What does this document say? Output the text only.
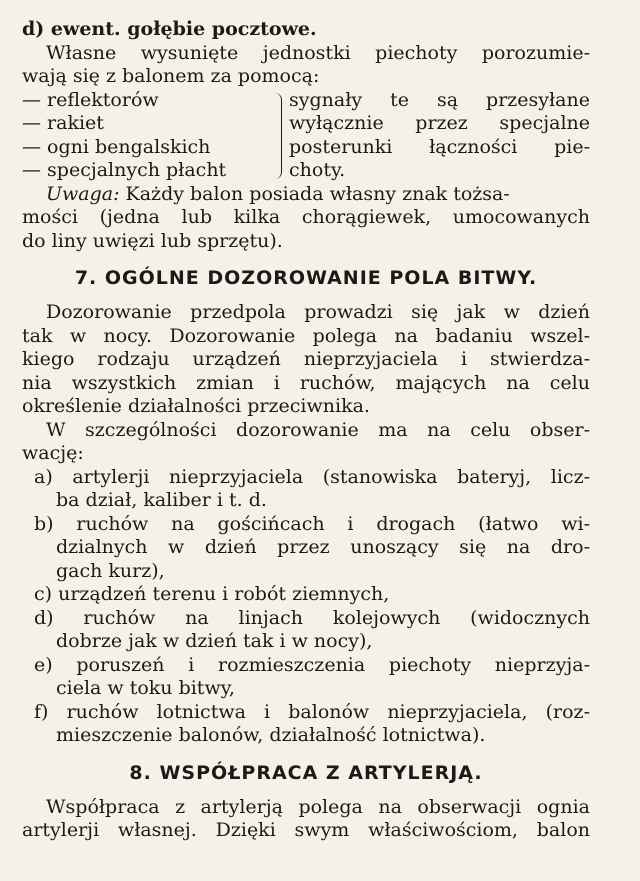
d) ewent. gołębie pocztowe.
Własne wysunięte jednostki piechoty porozumie-
wają się z balonem za pomocą:
— reflektorów
— rakiet
— ogni bengalskich
— specjalnych płacht
sygnały te są przesyłane
wyłącznie przez specjalne
posterunki łączności pie-
choty.
Uwaga: Każdy balon posiada własny znak tożsa-
mości (jedna lub kilka chorągiewek, umocowanych
do liny uwięzi lub sprzętu).
7. OGÓLNE DOZOROWANIE POLA BITWY.
Dozorowanie przedpola prowadzi się jak w dzień
tak w nocy. Dozorowanie polega na badaniu wszel-
kiego rodzaju urządzeń nieprzyjaciela i stwierdza-
nia wszystkich zmian i ruchów, mających na celu
określenie działalności przeciwnika.
W szczególności dozorowanie ma na celu obser-
wację:
a) artylerji nieprzyjaciela (stanowiska bateryj, licz-
ba dział, kaliber i t. d.
b) ruchów na gościńcach i drogach (łatwo wi-
dzialnych w dzień przez unoszący się na dro-
gach kurz),
c) urządzeń terenu i robót ziemnych,
d) ruchów na linjach kolejowych (widocznych
dobrze jak w dzień tak i w nocy),
e) poruszeń i rozmieszczenia piechoty nieprzyja-
ciela w toku bitwy,
f) ruchów lotnictwa i balonów nieprzyjaciela, (roz-
mieszczenie balonów, działalność lotnictwa).
8. WSPÓŁPRACA Z ARTYLERJĄ.
Współpraca z artylerją polega na obserwacji ognia
artylerji własnej. Dzięki swym właściwościom, balon
